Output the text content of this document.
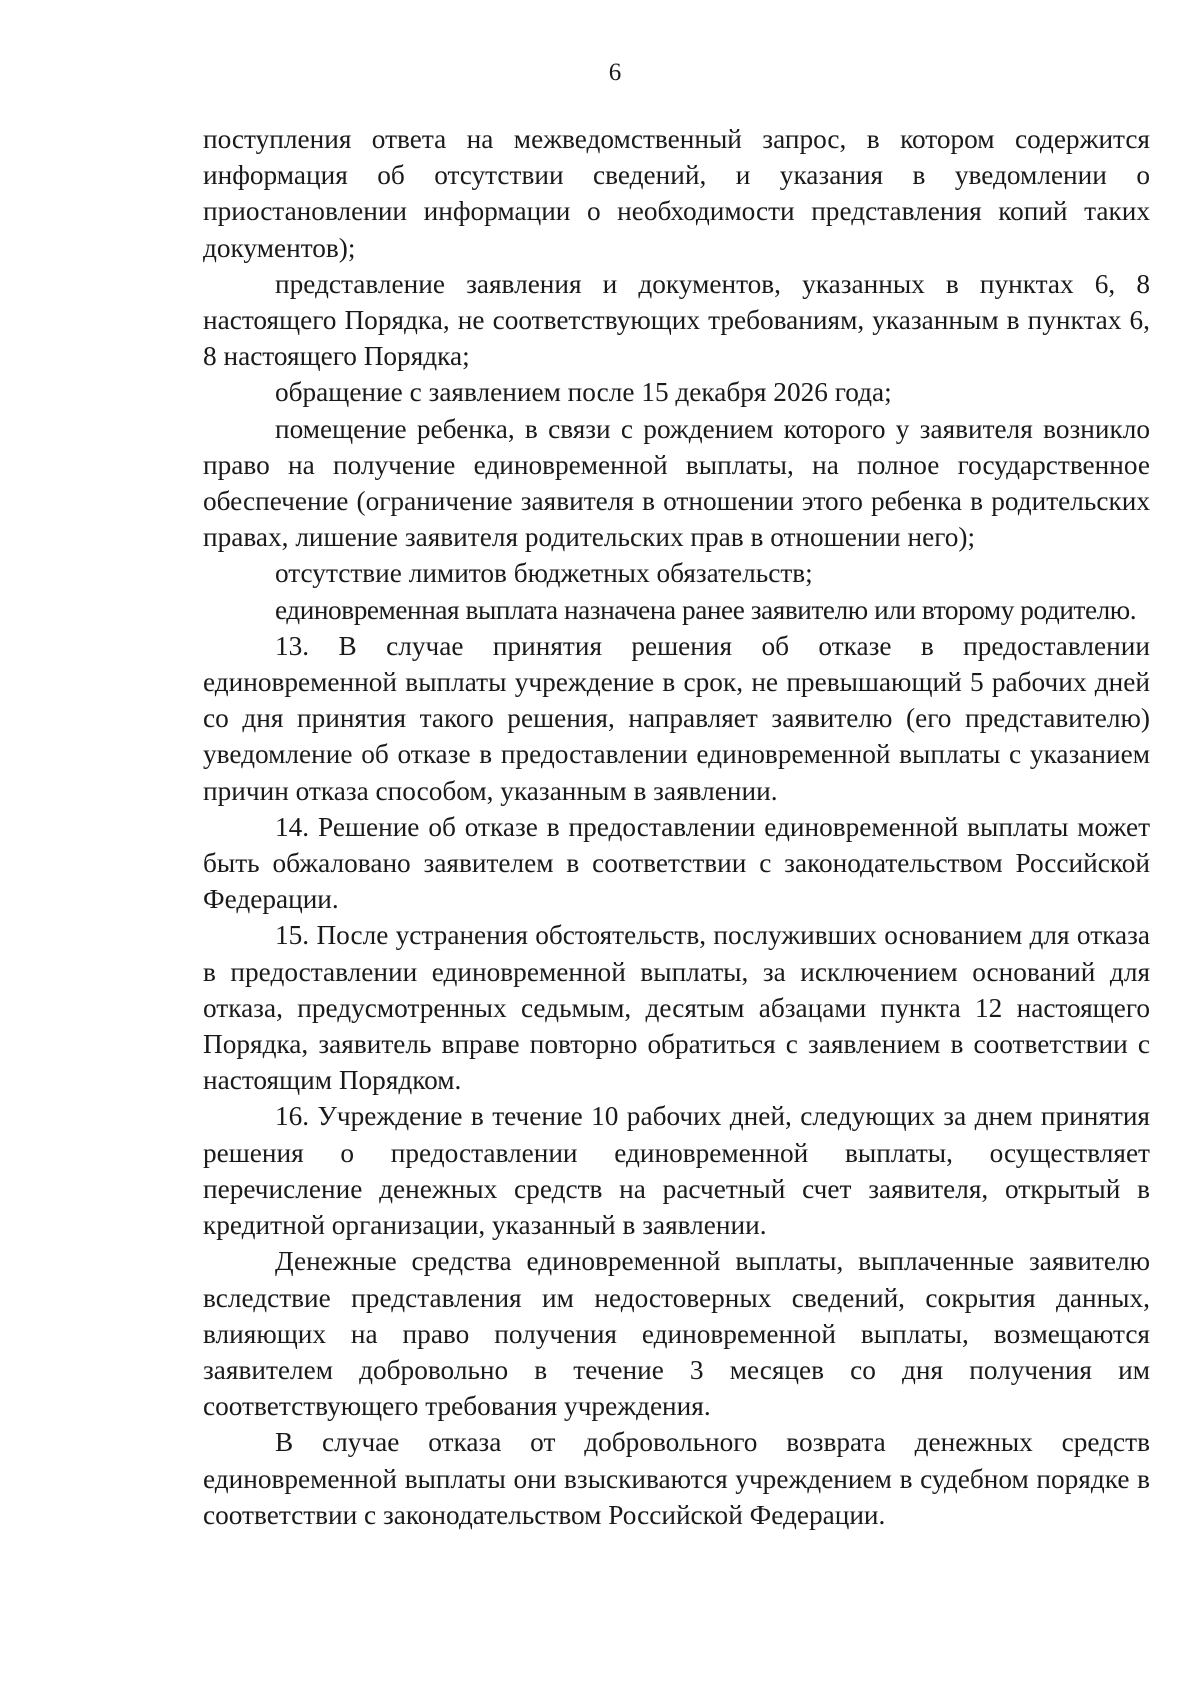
6

поступления ответа на межведомственный запрос, в котором содержится информация об отсутствии сведений, и указания в уведомлении о приостановлении информации о необходимости представления копий таких документов);

представление заявления и документов, указанных в пунктах 6, 8 настоящего Порядка, не соответствующих требованиям, указанным в пунктах 6, 8 настоящего Порядка;

обращение с заявлением после 15 декабря 2026 года;

помещение ребенка, в связи с рождением которого у заявителя возникло право на получение единовременной выплаты, на полное государственное обеспечение (ограничение заявителя в отношении этого ребенка в родительских правах, лишение заявителя родительских прав в отношении него);

отсутствие лимитов бюджетных обязательств;

единовременная выплата назначена ранее заявителю или второму родителю.

13. В случае принятия решения об отказе в предоставлении единовременной выплаты учреждение в срок, не превышающий 5 рабочих дней со дня принятия такого решения, направляет заявителю (его представителю) уведомление об отказе в предоставлении единовременной выплаты с указанием причин отказа способом, указанным в заявлении.

14. Решение об отказе в предоставлении единовременной выплаты может быть обжаловано заявителем в соответствии с законодательством Российской Федерации.

15. После устранения обстоятельств, послуживших основанием для отказа в предоставлении единовременной выплаты, за исключением оснований для отказа, предусмотренных седьмым, десятым абзацами пункта 12 настоящего Порядка, заявитель вправе повторно обратиться с заявлением в соответствии с настоящим Порядком.

16. Учреждение в течение 10 рабочих дней, следующих за днем принятия решения о предоставлении единовременной выплаты, осуществляет перечисление денежных средств на расчетный счет заявителя, открытый в кредитной организации, указанный в заявлении.

Денежные средства единовременной выплаты, выплаченные заявителю вследствие представления им недостоверных сведений, сокрытия данных, влияющих на право получения единовременной выплаты, возмещаются заявителем добровольно в течение 3 месяцев со дня получения им соответствующего требования учреждения.

В случае отказа от добровольного возврата денежных средств единовременной выплаты они взыскиваются учреждением в судебном порядке в соответствии с законодательством Российской Федерации.
